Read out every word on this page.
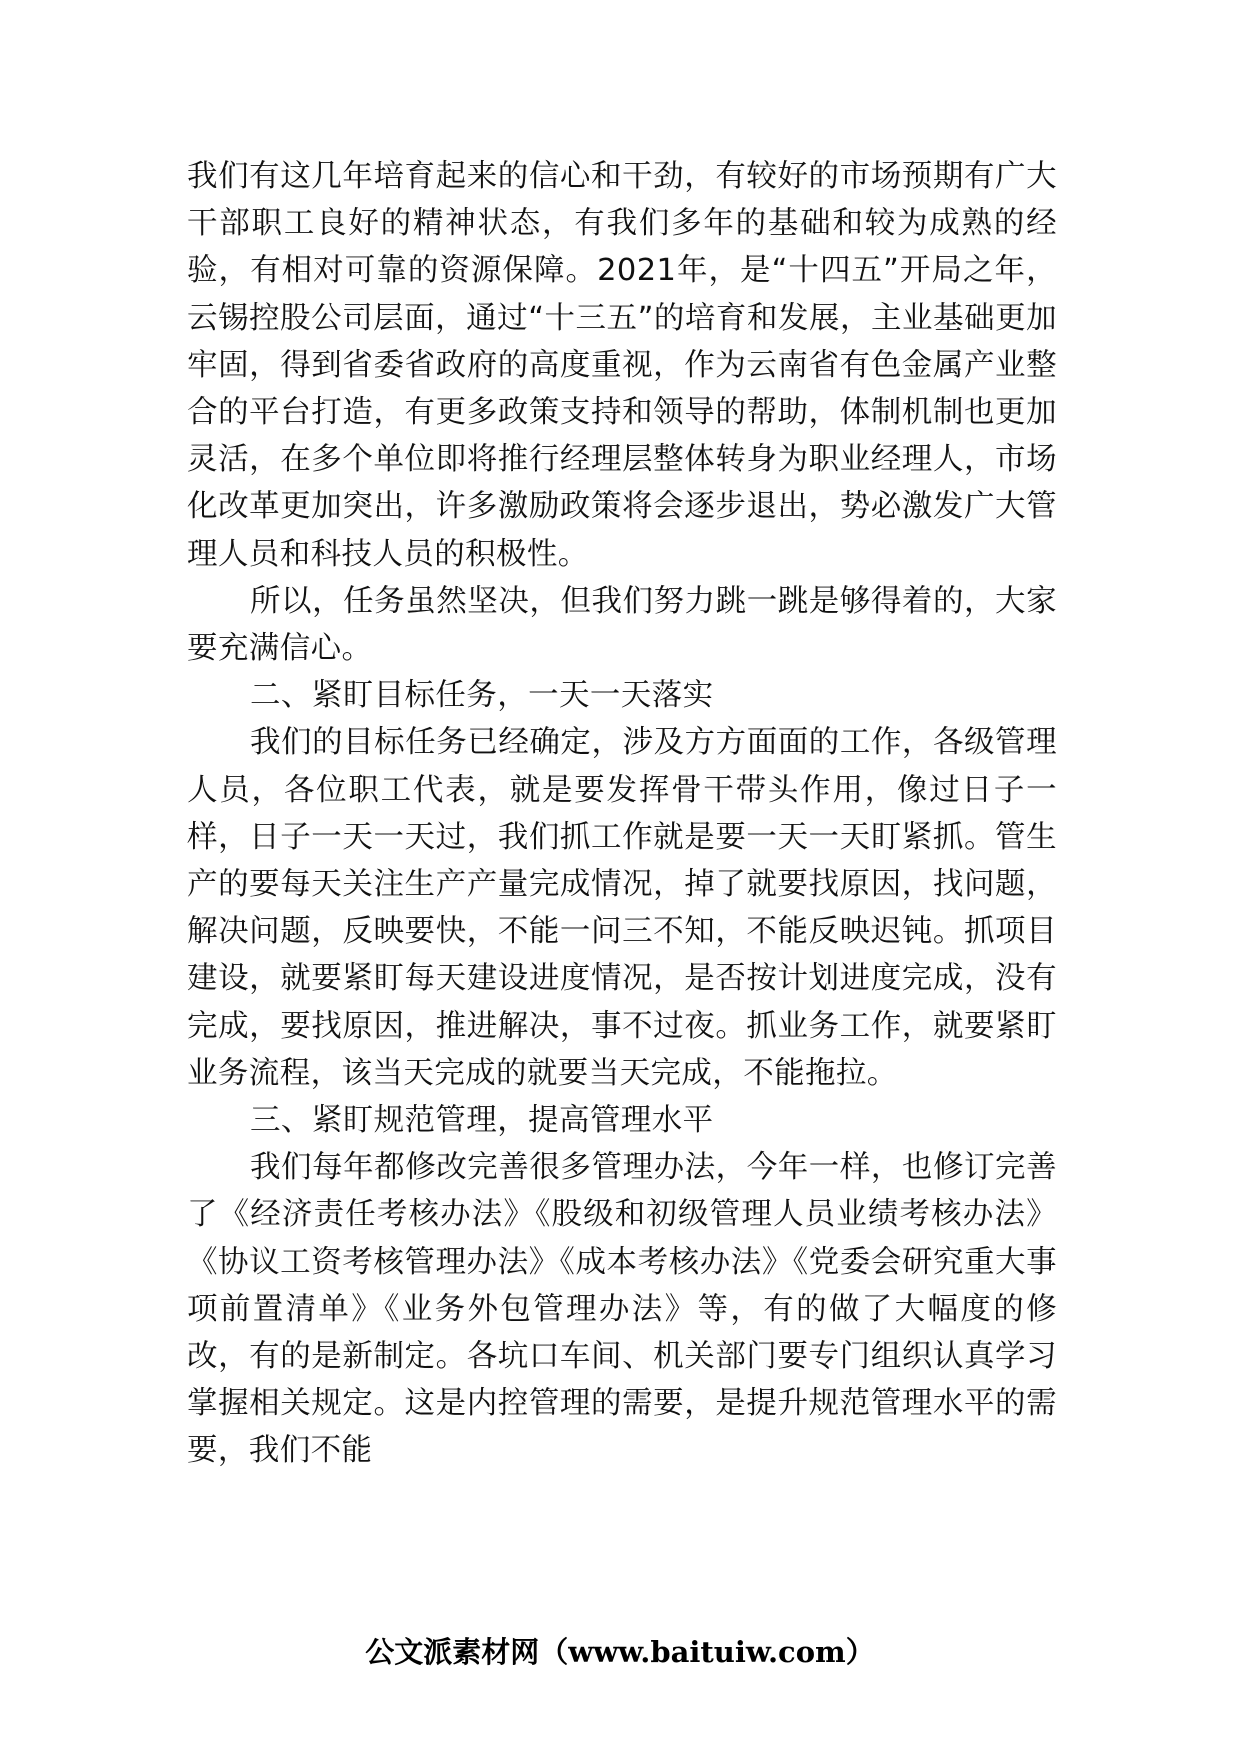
我们有这几年培育起来的信心和干劲，有较好的市场预期有广大干部职工良好的精神状态，有我们多年的基础和较为成熟的经验，有相对可靠的资源保障。2021年，是“十四五”开局之年，云锡控股公司层面，通过“十三五”的培育和发展，主业基础更加牢固，得到省委省政府的高度重视，作为云南省有色金属产业整合的平台打造，有更多政策支持和领导的帮助，体制机制也更加灵活，在多个单位即将推行经理层整体转身为职业经理人，市场化改革更加突出，许多激励政策将会逐步退出，势必激发广大管理人员和科技人员的积极性。

所以，任务虽然坚决，但我们努力跳一跳是够得着的，大家要充满信心。

二、紧盯目标任务，一天一天落实

我们的目标任务已经确定，涉及方方面面的工作，各级管理人员，各位职工代表，就是要发挥骨干带头作用，像过日子一样，日子一天一天过，我们抓工作就是要一天一天盯紧抓。管生产的要每天关注生产产量完成情况，掉了就要找原因，找问题，解决问题，反映要快，不能一问三不知，不能反映迟钝。抓项目建设，就要紧盯每天建设进度情况，是否按计划进度完成，没有完成，要找原因，推进解决，事不过夜。抓业务工作，就要紧盯业务流程，该当天完成的就要当天完成，不能拖拉。

三、紧盯规范管理，提高管理水平

我们每年都修改完善很多管理办法，今年一样，也修订完善了《经济责任考核办法》《股级和初级管理人员业绩考核办法》《协议工资考核管理办法》《成本考核办法》《党委会研究重大事项前置清单》《业务外包管理办法》等，有的做了大幅度的修改，有的是新制定。各坑口车间、机关部门要专门组织认真学习掌握相关规定。这是内控管理的需要，是提升规范管理水平的需要，我们不能

公文派素材网（www.baituiw.com）
